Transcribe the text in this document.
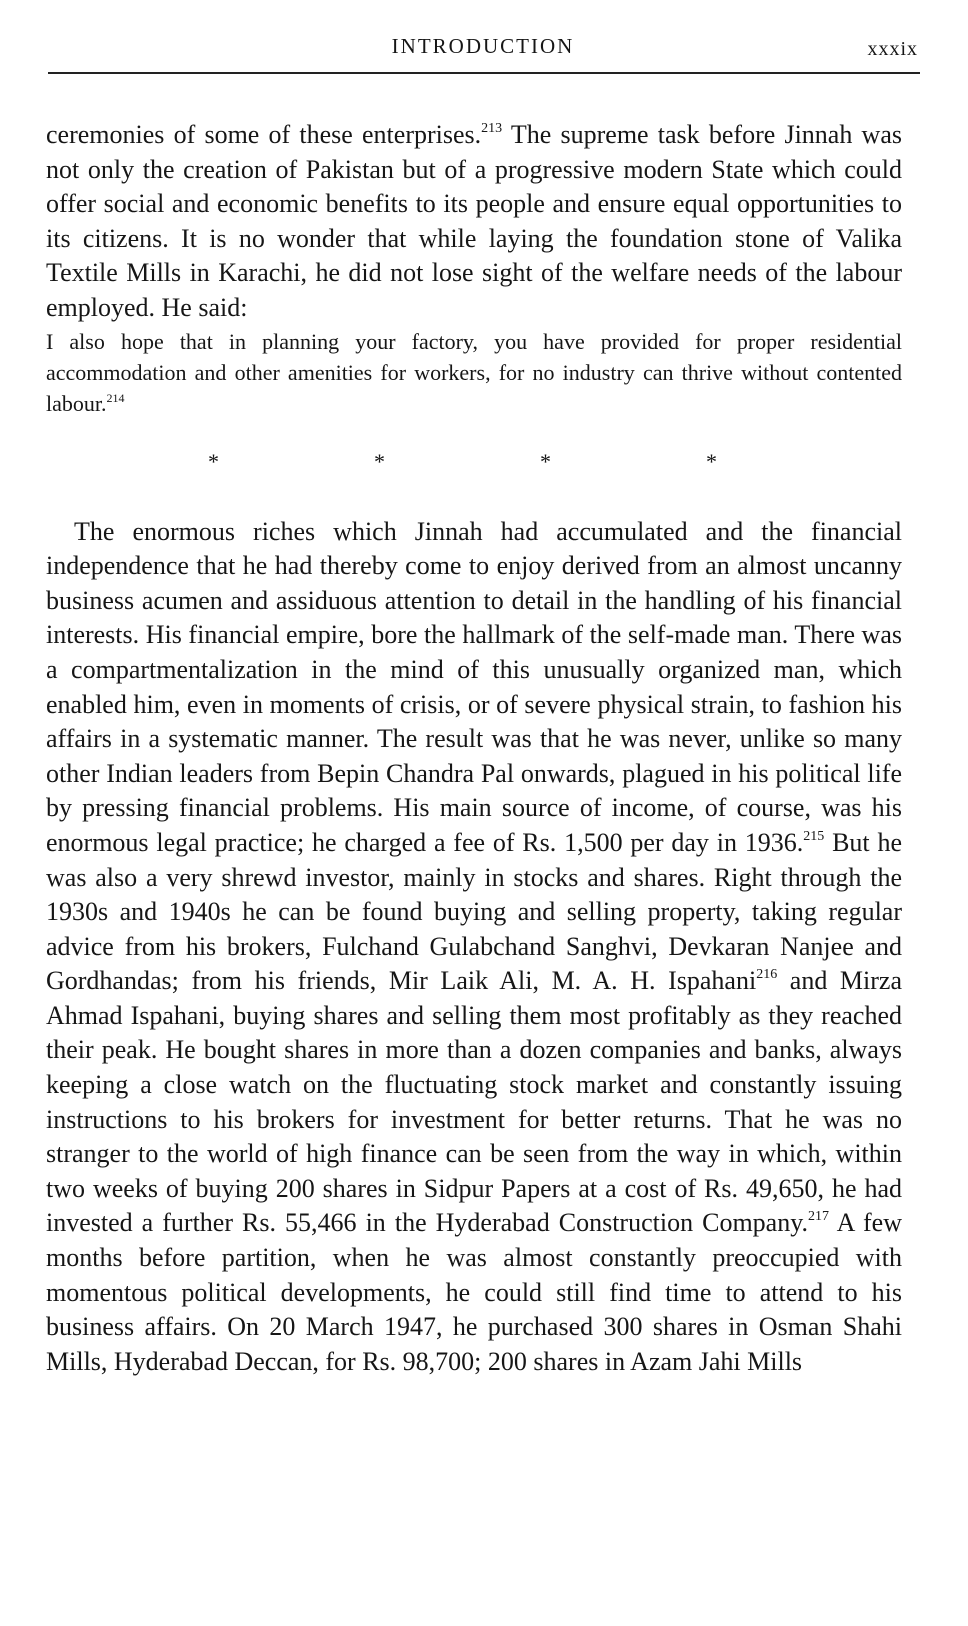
INTRODUCTION	xxxix

ceremonies of some of these enterprises.$^{213}$ The supreme task before Jinnah was not only the creation of Pakistan but of a progressive modern State which could offer social and economic benefits to its people and ensure equal opportunities to its citizens. It is no wonder that while laying the foundation stone of Valika Textile Mills in Karachi, he did not lose sight of the welfare needs of the labour employed. He said:

I also hope that in planning your factory, you have provided for proper residential accommodation and other amenities for workers, for no industry can thrive without contented labour.$^{214}$

*	*	*	*

The enormous riches which Jinnah had accumulated and the financial independence that he had thereby come to enjoy derived from an almost uncanny business acumen and assiduous attention to detail in the handling of his financial interests. His financial empire, bore the hallmark of the self-made man. There was a compartmentalization in the mind of this unusually organized man, which enabled him, even in moments of crisis, or of severe physical strain, to fashion his affairs in a systematic manner. The result was that he was never, unlike so many other Indian leaders from Bepin Chandra Pal onwards, plagued in his political life by pressing financial problems. His main source of income, of course, was his enormous legal practice; he charged a fee of Rs. 1,500 per day in 1936.$^{215}$ But he was also a very shrewd investor, mainly in stocks and shares. Right through the 1930s and 1940s he can be found buying and selling property, taking regular advice from his brokers, Fulchand Gulabchand Sanghvi, Devkaran Nanjee and Gordhandas; from his friends, Mir Laik Ali, M. A. H. Ispahani$^{216}$ and Mirza Ahmad Ispahani, buying shares and selling them most profitably as they reached their peak. He bought shares in more than a dozen companies and banks, always keeping a close watch on the fluctuating stock market and constantly issuing instructions to his brokers for investment for better returns. That he was no stranger to the world of high finance can be seen from the way in which, within two weeks of buying 200 shares in Sidpur Papers at a cost of Rs. 49,650, he had invested a further Rs. 55,466 in the Hyderabad Construction Company.$^{217}$ A few months before partition, when he was almost constantly preoccupied with momentous political developments, he could still find time to attend to his business affairs. On 20 March 1947, he purchased 300 shares in Osman Shahi Mills, Hyderabad Deccan, for Rs. 98,700; 200 shares in Azam Jahi Mills
